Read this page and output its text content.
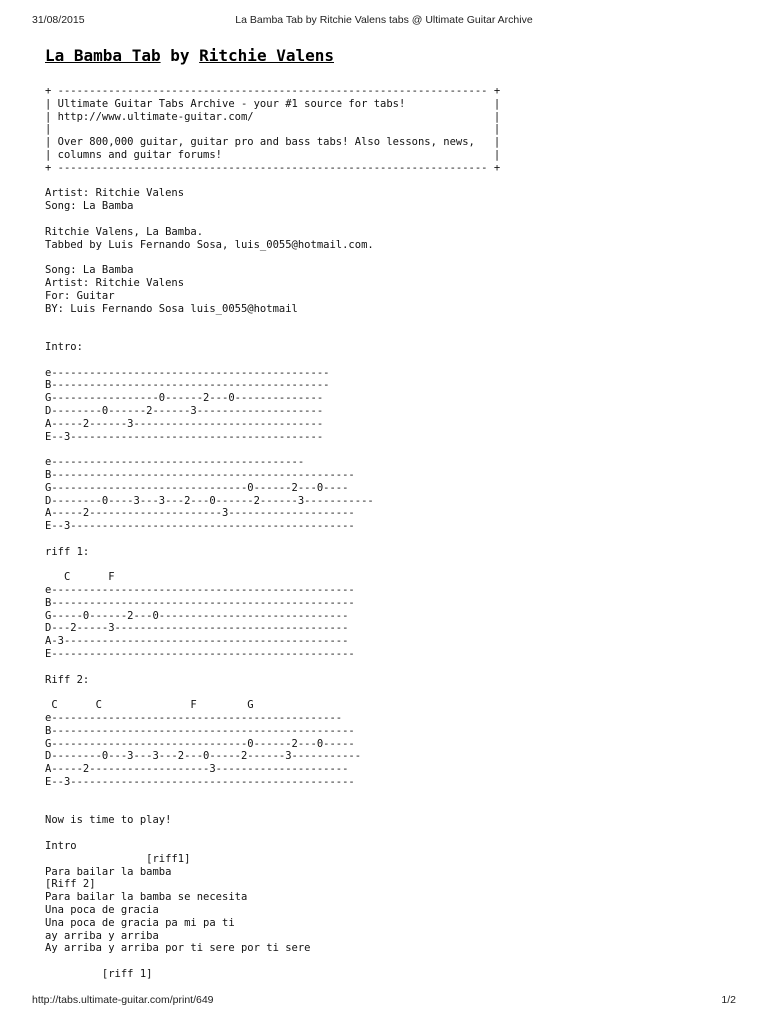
31/08/2015	La Bamba Tab by Ritchie Valens tabs @ Ultimate Guitar Archive
La Bamba Tab by Ritchie Valens
+ -------------------------------------------------------------------- +
| Ultimate Guitar Tabs Archive - your #1 source for tabs!              |
| http://www.ultimate-guitar.com/                                      |
|                                                                      |
| Over 800,000 guitar, guitar pro and bass tabs! Also lessons, news,   |
| columns and guitar forums!                                           |
+ -------------------------------------------------------------------- +

Artist: Ritchie Valens
Song: La Bamba

Ritchie Valens, La Bamba.
Tabbed by Luis Fernando Sosa, luis_0055@hotmail.com.

Song: La Bamba
Artist: Ritchie Valens
For: Guitar
BY: Luis Fernando Sosa luis_0055@hotmail

Intro:

e--------------------------------------------
B--------------------------------------------
G-----------------0------2---0--------------
D--------0------2------3--------------------
A-----2------3------------------------------
E--3----------------------------------------

e----------------------------------------
B------------------------------------------------
G-------------------------------0------2---0----
D--------0----3---3---2---0------2------3-----------
A-----2---------------------3--------------------
E--3---------------------------------------------

riff 1:

C      F
e------------------------------------------------
B------------------------------------------------
G-----0------2---0------------------------------
D---2-----3-------------------------------------
A-3---------------------------------------------
E------------------------------------------------

Riff 2:

C      C              F        G
e----------------------------------------------
B------------------------------------------------
G-------------------------------0------2---0-----
D--------0---3---3---2---0-----2------3-----------
A-----2-------------------3---------------------
E--3---------------------------------------------

Now is time to play!

Intro
[riff1]
Para bailar la bamba
[Riff 2]
Para bailar la bamba se necesita
Una poca de gracia
Una poca de gracia pa mi pa ti
ay arriba y arriba
Ay arriba y arriba por ti sere por ti sere

[riff 1]
http://tabs.ultimate-guitar.com/print/649	1/2
